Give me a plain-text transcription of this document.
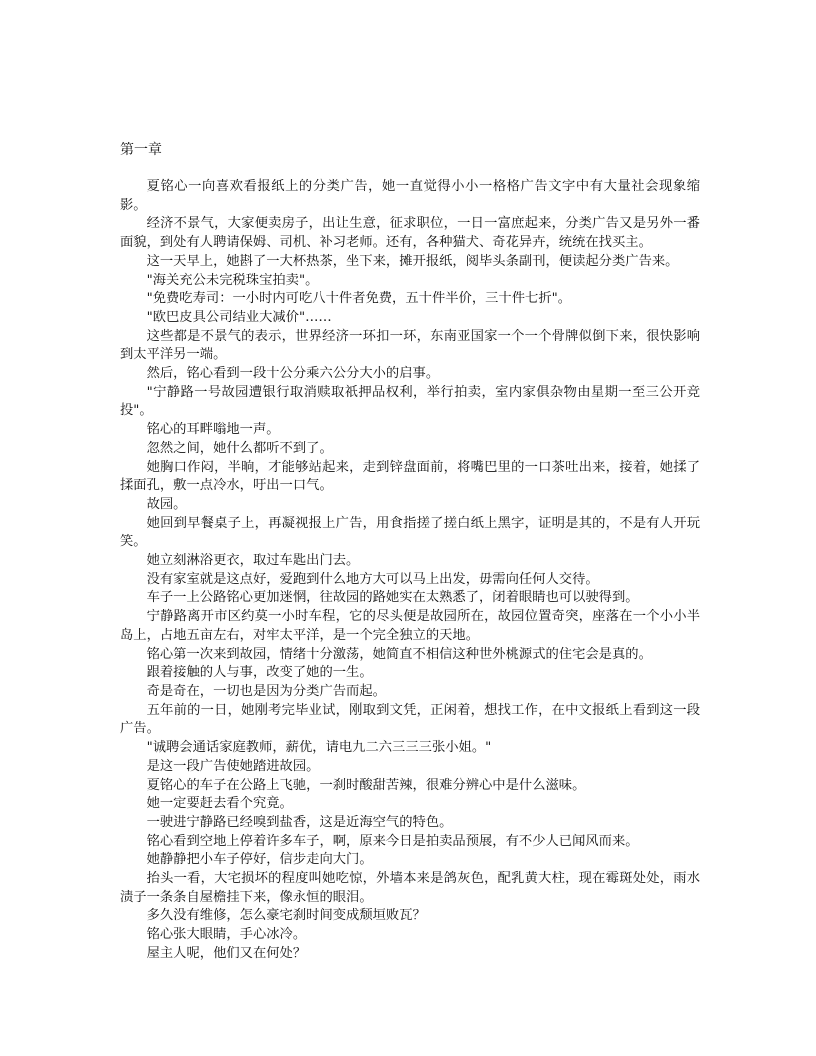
第一章

夏铭心一向喜欢看报纸上的分类广告，她一直觉得小小一格格广告文字中有大量社会现象缩影。

经济不景气，大家便卖房子，出让生意，征求职位，一日一富庶起来，分类广告又是另外一番面貌，到处有人聘请保姆、司机、补习老师。还有，各种猫犬、奇花异卉，统统在找买主。

这一天早上，她斟了一大杯热茶，坐下来，摊开报纸，阅毕头条副刊，便读起分类广告来。

"海关充公未完税珠宝拍卖"。

"免费吃寿司：一小时内可吃八十件者免费，五十件半价，三十件七折"。

"欧巴皮具公司结业大减价"……

这些都是不景气的表示，世界经济一环扣一环，东南亚国家一个一个骨牌似倒下来，很快影响到太平洋另一端。

然后，铭心看到一段十公分乘六公分大小的启事。

"宁静路一号故园遭银行取消赎取祇押品权利，举行拍卖，室内家俱杂物由星期一至三公开竞投"。

铭心的耳畔嗡地一声。

忽然之间，她什么都听不到了。

她胸口作闷，半晌，才能够站起来，走到锌盘面前，将嘴巴里的一口茶吐出来，接着，她揉了揉面孔，敷一点冷水，吁出一口气。

故园。

她回到早餐桌子上，再凝视报上广告，用食指搓了搓白纸上黑字，证明是其的，不是有人开玩笑。

她立刻淋浴更衣，取过车匙出门去。

没有家室就是这点好，爱跑到什么地方大可以马上出发，毋需向任何人交待。

车子一上公路铭心更加迷惘，往故园的路她实在太熟悉了，闭着眼睛也可以驶得到。

宁静路离开市区约莫一小时车程，它的尽头便是故园所在，故园位置奇突，座落在一个小小半岛上，占地五亩左右，对牢太平洋，是一个完全独立的天地。

铭心第一次来到故园，情绪十分激荡，她简直不相信这种世外桃源式的住宅会是真的。

跟着接触的人与事，改变了她的一生。

奇是奇在，一切也是因为分类广告而起。

五年前的一日，她刚考完毕业试，刚取到文凭，正闲着，想找工作，在中文报纸上看到这一段广告。

"诚聘会通话家庭教师，薪优，请电九二六三三三张小姐。"

是这一段广告使她踏进故园。

夏铭心的车子在公路上飞驰，一刹时酸甜苦辣，很难分辨心中是什么滋味。

她一定要赶去看个究竟。

一驶进宁静路已经嗅到盐香，这是近海空气的特色。

铭心看到空地上停着许多车子，啊，原来今日是拍卖品预展，有不少人已闻风而来。

她静静把小车子停好，信步走向大门。

抬头一看，大宅损坏的程度叫她吃惊，外墙本来是鸽灰色，配乳黄大柱，现在霉斑处处，雨水渍子一条条自屋檐挂下来，像永恒的眼泪。

多久没有维修，怎么豪宅刹时间变成颓垣败瓦？

铭心张大眼睛，手心冰冷。

屋主人呢，他们又在何处？
